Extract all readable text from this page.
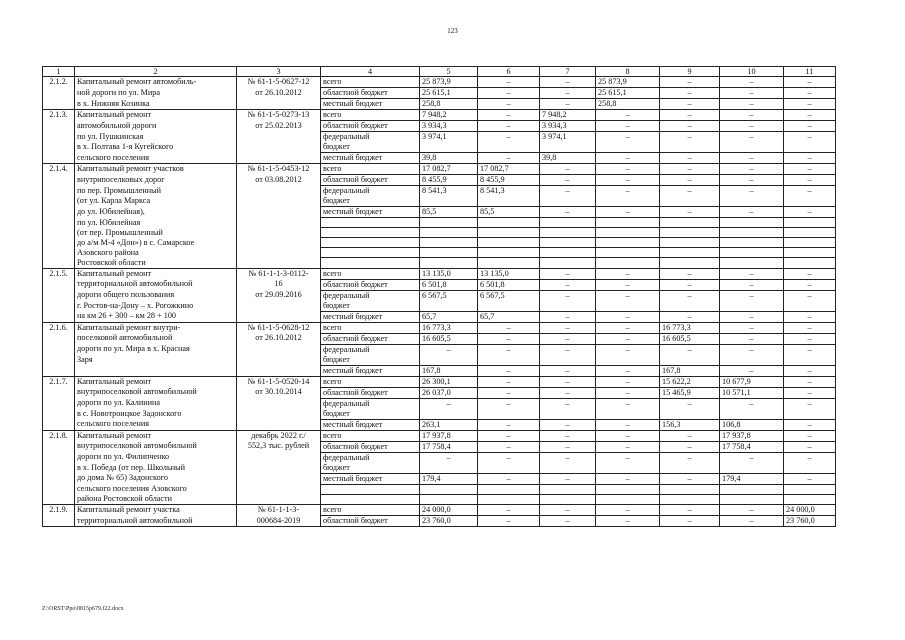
123
1	2	3	4	5	6	7	8	9	10	11
2.1.2.	Капитальный ремонт автомобиль-	№ 61-1-5-0627-12	всего	25 873,9	–	–	25 873,9	–	–	–
	ной дороги по ул. Мира	от 26.10.2012	областной бюджет	25 615,1	–	–	25 615,1	–	–	–
	в х. Нижняя Козинка		местный бюджет	258,8	–	–	258,8	–	–	–
2.1.3.	Капитальный ремонт	№ 61-1-5-0273-13	всего	7 948,2	–	7 948,2	–	–	–	–
	автомобильной дороги	от 25.02.2013	областной бюджет	3 934,3	–	3 934,3	–	–	–	–
	по ул. Пушкинская		федеральный	3 974,1	–	3 974,1	–	–	–	–
	в х. Полтава 1-я Кугейского		бюджет							
	сельского поселения		местный бюджет	39,8	–	39,8	–	–	–	–
2.1.4.	Капитальный ремонт участков	№ 61-1-5-0453-12	всего	17 082,7	17 082,7	–	–	–	–	–
	внутрипоселковых дорог	от 03.08.2012	областной бюджет	8 455,9	8 455,9	–	–	–	–	–
	по пер. Промышленный		федеральный	8 541,3	8 541,3	–	–	–	–	–
	(от ул. Карла Маркса		бюджет							
	до ул. Юбилейная),		местный бюджет	85,5	85,5	–	–	–	–	–
	по ул. Юбилейная									
	(от пер. Промышленный									
	до а/м М-4 «Дон») в с. Самарское									
	Азовского района									
	Ростовской области									
2.1.5.	Капитальный ремонт	№ 61-1-1-3-0112-	всего	13 135,0	13 135,0	–	–	–	–	–
	территориальной автомобильной	16	областной бюджет	6 501,8	6 501,8	–	–	–	–	–
	дороги общего пользования	от 29.09.2016	федеральный	6 567,5	6 567,5	–	–	–	–	–
	г. Ростов-на-Дону – х. Рогожкино		бюджет							
	на км 26 + 300 – км 28 + 100		местный бюджет	65,7	65,7	–	–	–	–	–
2.1.6.	Капитальный ремонт внутри-	№ 61-1-5-0628-12	всего	16 773,3	–	–	–	16 773,3	–	–
	поселковой автомобильной	от 26.10.2012	областной бюджет	16 605,5	–	–	–	16 605,5	–	–
	дороги по ул. Мира в х. Красная		федеральный	–	–	–	–	–	–	–
	Заря		бюджет							
			местный бюджет	167,8	–	–	–	167,8	–	–
2.1.7.	Капитальный ремонт	№ 61-1-5-0520-14	всего	26 300,1	–	–	–	15 622,2	10 677,9	–
	внутрипоселковой автомобильной	от 30.10.2014	областной бюджет	26 037,0	–	–	–	15 465,9	10 571,1	–
	дороги по ул. Калинина		федеральный	–	–	–	–	–	–	–
	в с. Новотроицкое Задонского		бюджет							
	сельского поселения		местный бюджет	263,1	–	–	–	156,3	106,8	–
2.1.8.	Капитальный ремонт	декабрь 2022 г./	всего	17 937,8	–	–	–	–	17 937,8	–
	внутрипоселковой автомобильной	552,3 тыс. рублей	областной бюджет	17 758,4	–	–	–	–	17 758,4	–
	дороги по ул. Филипченко		федеральный	–	–	–	–	–	–	–
	в х. Победа (от пер. Школьный		бюджет							
	до дома № 65) Задонского		местный бюджет	179,4	–	–	–	–	179,4	–
	сельского поселения Азовского									
	района Ростовской области									
2.1.9.	Капитальный ремонт участка	№ 61-1-1-3-	всего	24 000,0	–	–	–	–	–	24 000,0
	территориальной автомобильной	000684-2019	областной бюджет	23 760,0	–	–	–	–	–	23 760,0
Z:\ORST\Ppo\0815p679.f22.docx
